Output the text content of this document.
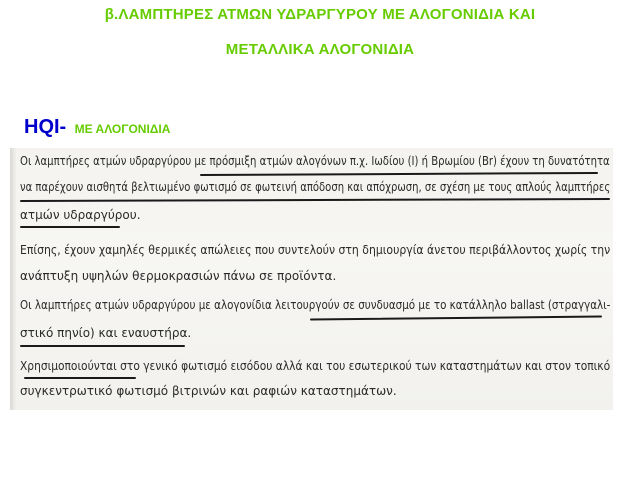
β.ΛΑΜΠΤΗΡΕΣ ΑΤΜΩΝ ΥΔΡΑΡΓΥΡΟΥ ΜΕ ΑΛΟΓΟΝΙΔΙΑ ΚΑΙ
ΜΕΤΑΛΛΙΚΑ ΑΛΟΓΟΝΙΔΙΑ
HQI- ΜΕ ΑΛΟΓΟΝΙΔΙΑ
Οι λαμπτήρες ατμών υδραργύρου με πρόσμιξη ατμών αλογόνων π.χ. Ιωδίου (Ι) ή Βρωμίου (Br) έχουν τη δυνατότητα
να παρέχουν αισθητά βελτιωμένο φωτισμό σε φωτεινή απόδοση και απόχρωση, σε σχέση με τους απλούς λαμπτήρες
ατμών υδραργύρου.
Επίσης, έχουν χαμηλές θερμικές απώλειες που συντελούν στη δημιουργία άνετου περιβάλλοντος χωρίς την
ανάπτυξη υψηλών θερμοκρασιών πάνω σε προϊόντα.
Οι λαμπτήρες ατμών υδραργύρου με αλογονίδια λειτουργούν σε συνδυασμό με το κατάλληλο ballast (στραγγαλι-
στικό πηνίο) και εναυστήρα.
Χρησιμοποιούνται στο γενικό φωτισμό εισόδου αλλά και του εσωτερικού των καταστημάτων και στον τοπικό
συγκεντρωτικό φωτισμό βιτρινών και ραφιών καταστημάτων.
